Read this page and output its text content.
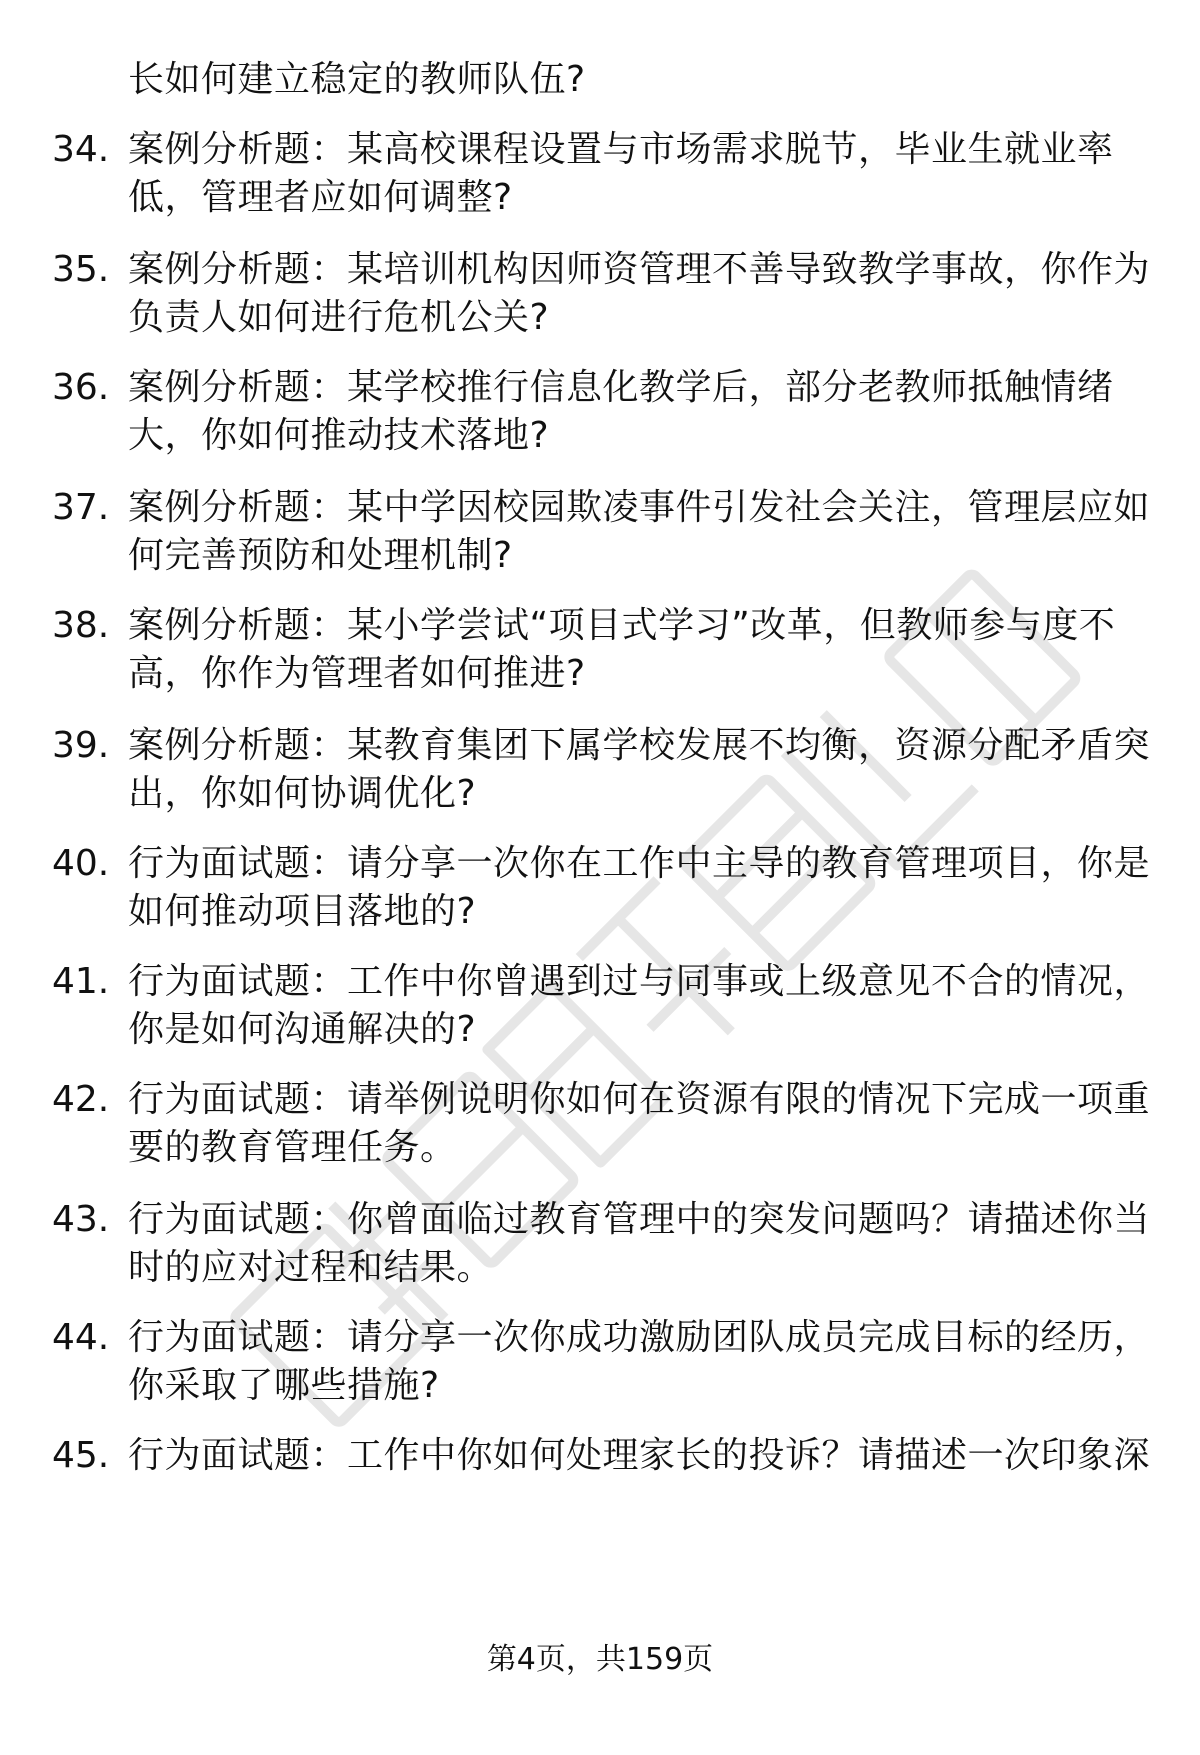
长如何建立稳定的教师队伍?
34. 案例分析题：某高校课程设置与市场需求脱节，毕业生就业率
低，管理者应如何调整?
35. 案例分析题：某培训机构因师资管理不善导致教学事故，你作为
负责人如何进行危机公关?
36. 案例分析题：某学校推行信息化教学后，部分老教师抵触情绪
大，你如何推动技术落地?
37. 案例分析题：某中学因校园欺凌事件引发社会关注，管理层应如
何完善预防和处理机制?
38. 案例分析题：某小学尝试“项目式学习”改革，但教师参与度不
高，你作为管理者如何推进?
39. 案例分析题：某教育集团下属学校发展不均衡，资源分配矛盾突
出，你如何协调优化?
40. 行为面试题：请分享一次你在工作中主导的教育管理项目，你是
如何推动项目落地的?
41. 行为面试题：工作中你曾遇到过与同事或上级意见不合的情况，
你是如何沟通解决的?
42. 行为面试题：请举例说明你如何在资源有限的情况下完成一项重
要的教育管理任务。
43. 行为面试题：你曾面临过教育管理中的突发问题吗？请描述你当
时的应对过程和结果。
44. 行为面试题：请分享一次你成功激励团队成员完成目标的经历，
你采取了哪些措施?
45. 行为面试题：工作中你如何处理家长的投诉？请描述一次印象深
第4页，共159页
